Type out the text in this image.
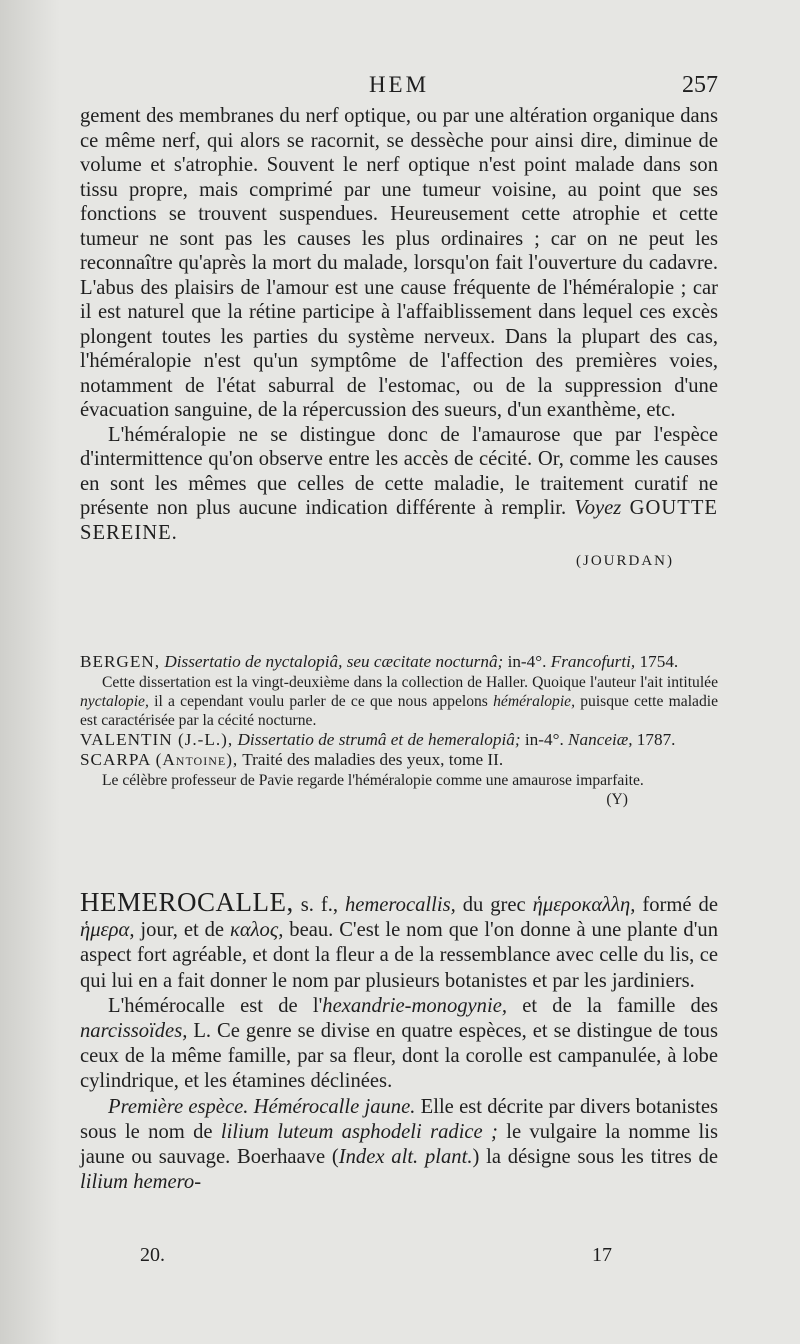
HEM	257

gement des membranes du nerf optique, ou par une altération organique dans ce même nerf, qui alors se racornit, se dessèche pour ainsi dire, diminue de volume et s'atrophie. Souvent le nerf optique n'est point malade dans son tissu propre, mais comprimé par une tumeur voisine, au point que ses fonctions se trouvent suspendues. Heureusement cette atrophie et cette tumeur ne sont pas les causes les plus ordinaires ; car on ne peut les reconnaître qu'après la mort du malade, lorsqu'on fait l'ouverture du cadavre. L'abus des plaisirs de l'amour est une cause fréquente de l'héméralopie ; car il est naturel que la rétine participe à l'affaiblissement dans lequel ces excès plongent toutes les parties du système nerveux. Dans la plupart des cas, l'héméralopie n'est qu'un symptôme de l'affection des premières voies, notamment de l'état saburral de l'estomac, ou de la suppression d'une évacuation sanguine, de la répercussion des sueurs, d'un exanthème, etc.

L'héméralopie ne se distingue donc de l'amaurose que par l'espèce d'intermittence qu'on observe entre les accès de cécité. Or, comme les causes en sont les mêmes que celles de cette maladie, le traitement curatif ne présente non plus aucune indication différente à remplir. Voyez GOUTTE SEREINE.

(JOURDAN)

BERGEN, Dissertatio de nyctalopiâ, seu cæcitate nocturnâ; in-4°. Francofurti, 1754.

Cette dissertation est la vingt-deuxième dans la collection de Haller. Quoique l'auteur l'ait intitulée nyctalopie, il a cependant voulu parler de ce que nous appelons héméralopie, puisque cette maladie est caractérisée par la cécité nocturne.

VALENTIN (J.-L.), Dissertatio de strumâ et de hemeralopiâ; in-4°. Nanceiæ, 1787.

SCARPA (Antoine), Traité des maladies des yeux, tome II.

Le célèbre professeur de Pavie regarde l'héméralopie comme une amaurose imparfaite.

(Y)

HEMEROCALLE, s. f., hemerocallis, du grec ἡμεροκαλλη, formé de ἡμερα, jour, et de καλος, beau. C'est le nom que l'on donne à une plante d'un aspect fort agréable, et dont la fleur a de la ressemblance avec celle du lis, ce qui lui en a fait donner le nom par plusieurs botanistes et par les jardiniers.

L'hémérocalle est de l'hexandrie-monogynie, et de la famille des narcissoïdes, L. Ce genre se divise en quatre espèces, et se distingue de tous ceux de la même famille, par sa fleur, dont la corolle est campanulée, à lobe cylindrique, et les étamines déclinées.

Première espèce. Hémérocalle jaune. Elle est décrite par divers botanistes sous le nom de lilium luteum asphodeli radice ; le vulgaire la nomme lis jaune ou sauvage. Boerhaave (Index alt. plant.) la désigne sous les titres de lilium hemero-

20.	17
